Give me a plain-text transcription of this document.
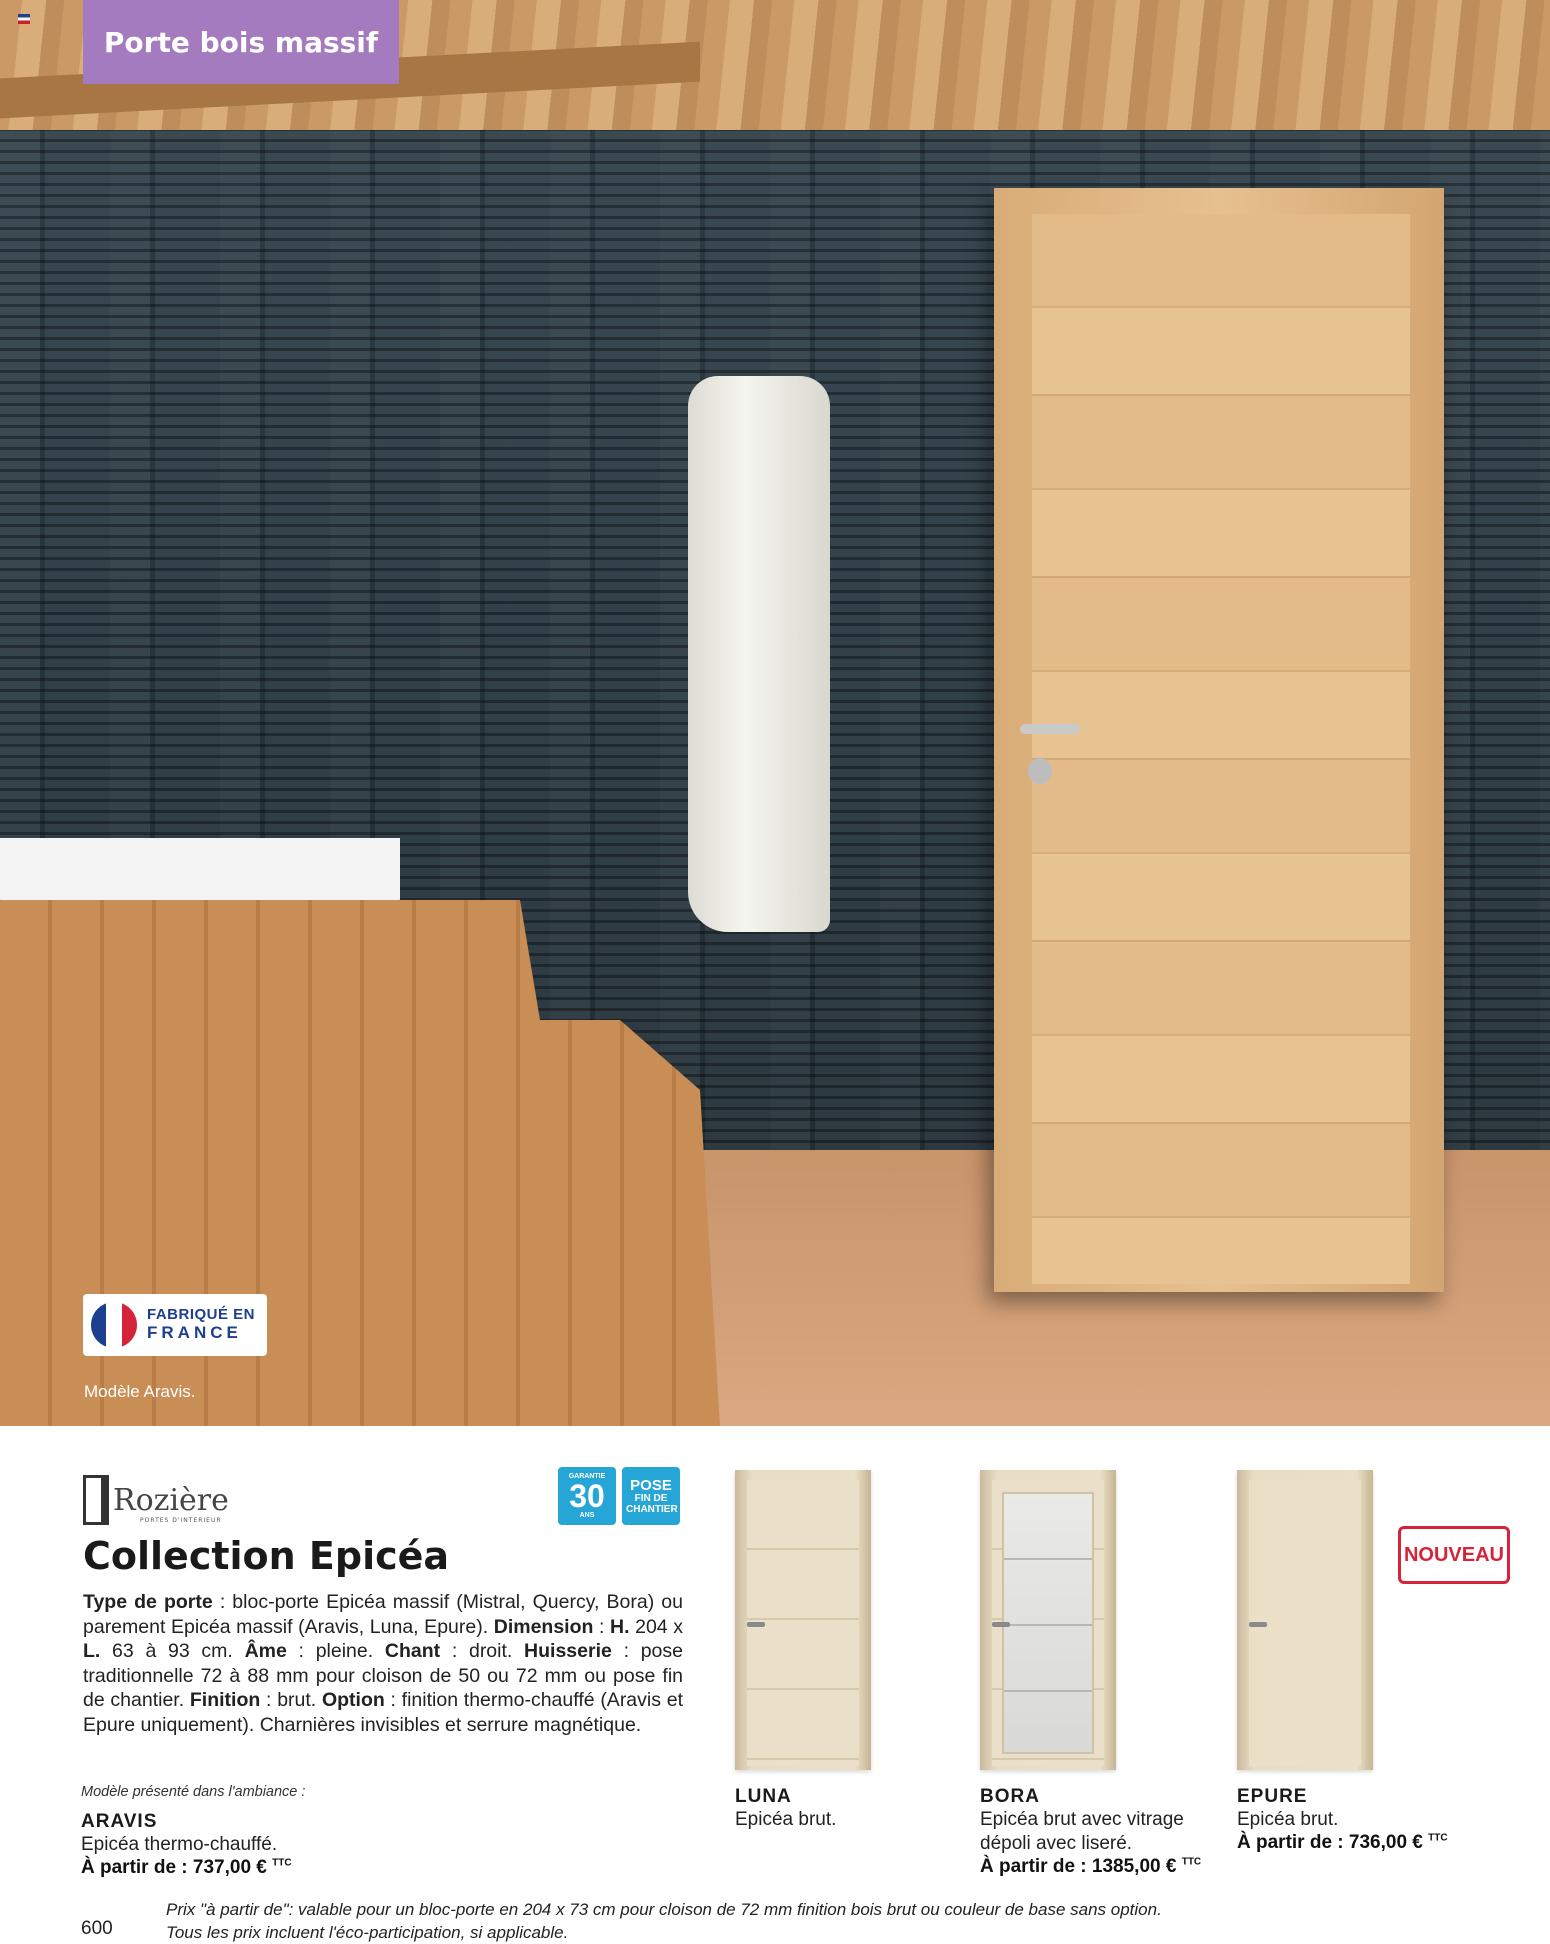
Porte bois massif
FABRIQUÉ EN
FRANCE
Modèle Aravis.
Rozière
PORTES D'INTERIEUR
GARANTIE
30
ANS
POSE
FIN DE CHANTIER
Collection Epicéa
Type de porte : bloc-porte Epicéa massif (Mistral, Quercy, Bora) ou parement Epicéa massif (Aravis, Luna, Epure). Dimension : H. 204 x L. 63 à 93 cm. Âme : pleine. Chant : droit. Huisserie : pose traditionnelle 72 à 88 mm pour cloison de 50 ou 72 mm ou pose fin de chantier. Finition : brut. Option : finition thermo-chauffé (Aravis et Epure uniquement). Charnières invisibles et serrure magnétique.
Modèle présenté dans l'ambiance :
ARAVIS
Epicéa thermo-chauffé.
À partir de : 737,00 € $^{TTC}$
NOUVEAU
LUNA
Epicéa brut.
BORA
Epicéa brut avec vitrage dépoli avec liseré.
À partir de : 1385,00 € $^{TTC}$
EPURE
Epicéa brut.
À partir de : 736,00 € $^{TTC}$
600
Prix "à partir de": valable pour un bloc-porte en 204 x 73 cm pour cloison de 72 mm finition bois brut ou couleur de base sans option.
Tous les prix incluent l'éco-participation, si applicable.
